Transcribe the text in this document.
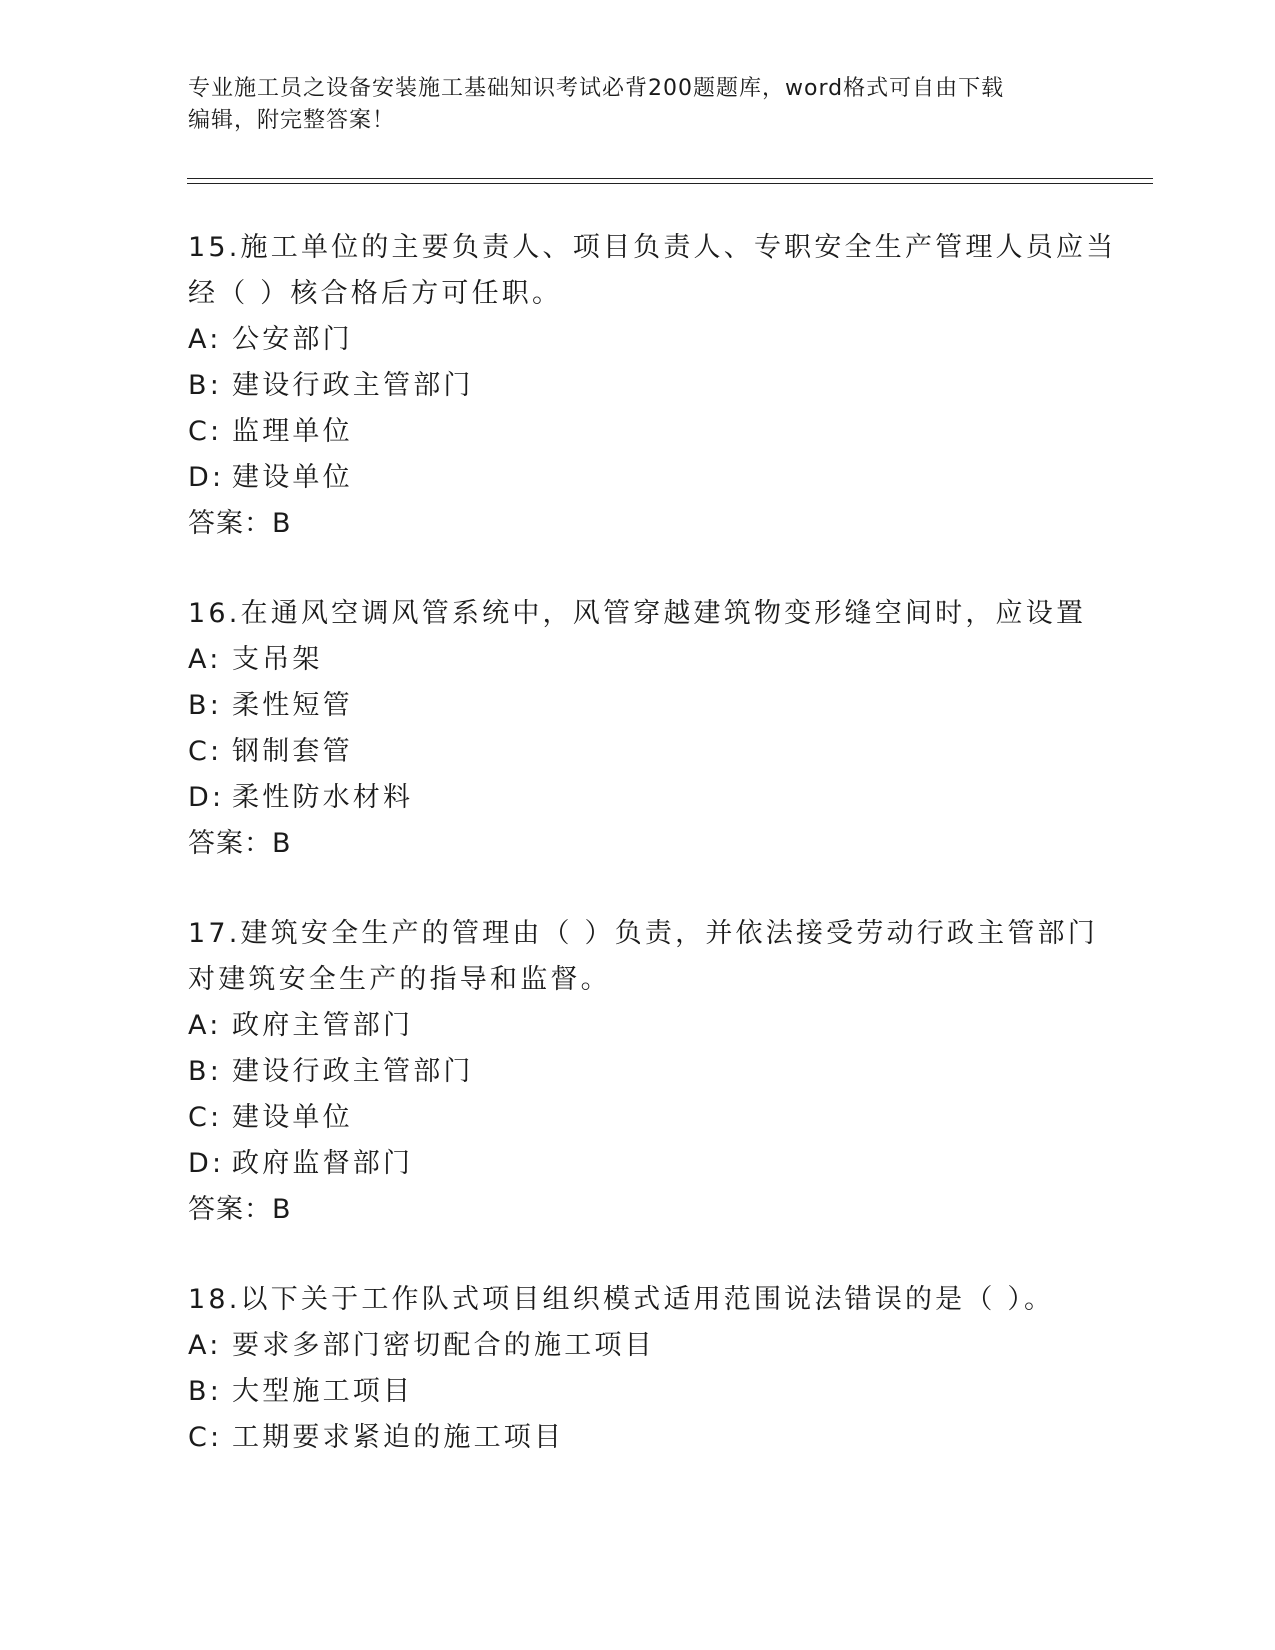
专业施工员之设备安装施工基础知识考试必背200题题库，word格式可自由下载
编辑，附完整答案！
15.施工单位的主要负责人、项目负责人、专职安全生产管理人员应当
经（ ）核合格后方可任职。
A: 公安部门
B: 建设行政主管部门
C: 监理单位
D: 建设单位
答案：B
16.在通风空调风管系统中，风管穿越建筑物变形缝空间时，应设置
A: 支吊架
B: 柔性短管
C: 钢制套管
D: 柔性防水材料
答案：B
17.建筑安全生产的管理由（ ）负责，并依法接受劳动行政主管部门
对建筑安全生产的指导和监督。
A: 政府主管部门
B: 建设行政主管部门
C: 建设单位
D: 政府监督部门
答案：B
18.以下关于工作队式项目组织模式适用范围说法错误的是（ ）。
A: 要求多部门密切配合的施工项目
B: 大型施工项目
C: 工期要求紧迫的施工项目
